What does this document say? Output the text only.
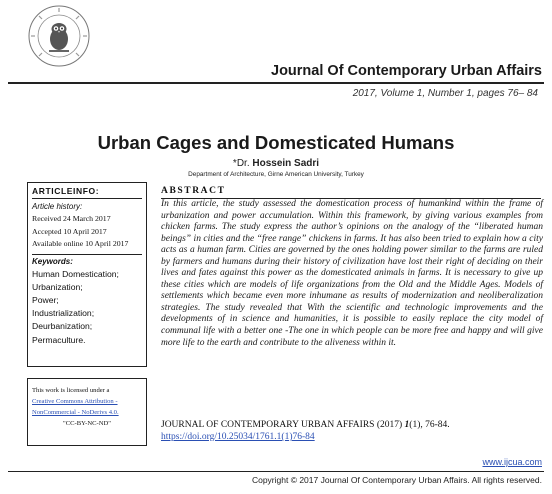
Journal Of Contemporary Urban Affairs
2017, Volume 1, Number 1, pages 76– 84
Urban Cages and Domesticated Humans
*Dr. Hossein Sadri
Department of Architecture, Girne American University, Turkey
ARTICLEINFO:
Article history:
Received 24 March 2017
Accepted 10 April 2017
Available online 10 April 2017
Keywords:
Human Domestication;
Urbanization;
Power;
Industrialization;
Deurbanization;
Permaculture.
This work is licensed under a
Creative Commons Attribution -
NonCommercial - NoDerivs 4.0.
"CC-BY-NC-ND"
ABSTRACT
In this article, the study assessed the domestication process of humankind within the frame of urbanization and power accumulation. Within this framework, by giving various examples from chicken farms. The study express the author’s opinions on the analogy of the “liberated human beings” in cities and the “free range” chickens in farms. It has also been tried to explain how a city acts as a human farm. Cities are governed by the ones holding power similar to the farms are ruled by farmers and humans during their history of civilization have lost their right of deciding on their lives and fates against this power as the domesticated animals in farms. It is necessary to give up these cities which are models of life organizations from the Old and the Middle Ages. Models of settlements which became even more inhumane as results of modernization and neoliberalization strategies. The study revealed that With the scientific and technologic improvements and the developments of in science and humanities, it is possible to easily replace the city model of communal life with a better one -The one in which people can be more free and happy and will give more life to the earth and contribute to the aliveness within it.
JOURNAL OF CONTEMPORARY URBAN AFFAIRS (2017) 1(1), 76-84.
https://doi.org/10.25034/1761.1(1)76-84
www.ijcua.com
Copyright © 2017 Journal Of Contemporary Urban Affairs. All rights reserved.
